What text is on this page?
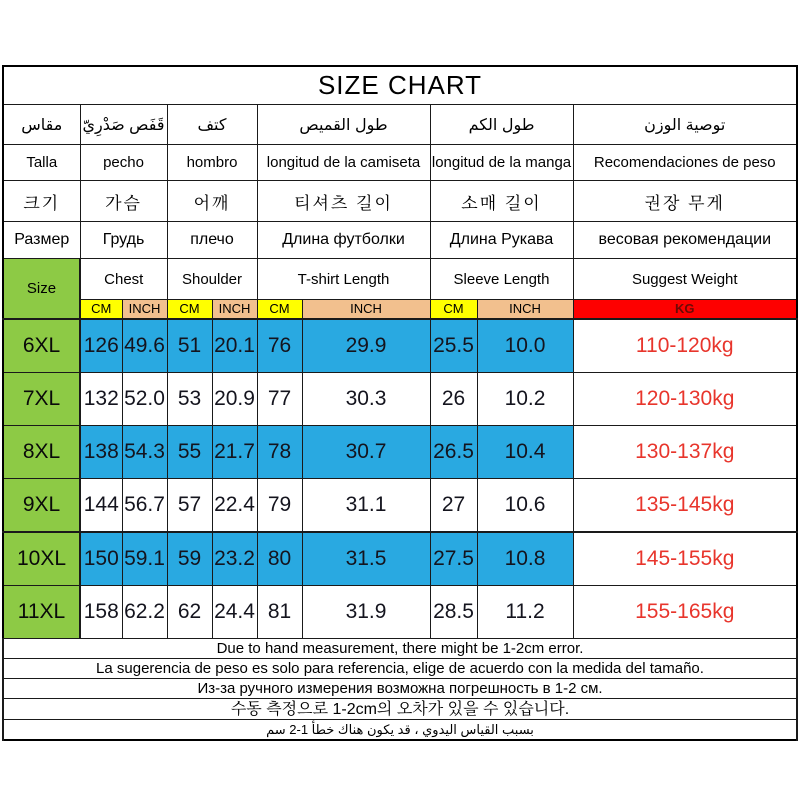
SIZE CHART									
مقاس	قَفَص صَدْرِيّ		كتف		طول القميص		طول الكم		توصية الوزن
Talla	pecho		hombro		longitud de la camiseta		longitud de la manga		Recomendaciones de peso
크기	가슴		어깨		티셔츠 길이		소매 길이		권장 무게
Размер	Грудь		плечо		Длина футболки		Длина Рукава		весовая рекомендации
Size	Chest		Shoulder		T-shirt Length		Sleeve Length		Suggest Weight
	CM	INCH	CM	INCH	CM	INCH	CM	INCH	KG
6XL	126	49.6	51	20.1	76	29.9	25.5	10.0	110-120kg
7XL	132	52.0	53	20.9	77	30.3	26	10.2	120-130kg
8XL	138	54.3	55	21.7	78	30.7	26.5	10.4	130-137kg
9XL	144	56.7	57	22.4	79	31.1	27	10.6	135-145kg
10XL	150	59.1	59	23.2	80	31.5	27.5	10.8	145-155kg
11XL	158	62.2	62	24.4	81	31.9	28.5	11.2	155-165kg
Due to hand measurement, there might be 1-2cm error.									
La sugerencia de peso es solo para referencia, elige de acuerdo con la medida del tamaño.									
Из-за ручного измерения возможна погрешность в 1-2 см.									
수동 측정으로 1-2cm의 오차가 있을 수 있습니다.									
بسبب القياس اليدوي ، قد يكون هناك خطأ 1-2 سم									
